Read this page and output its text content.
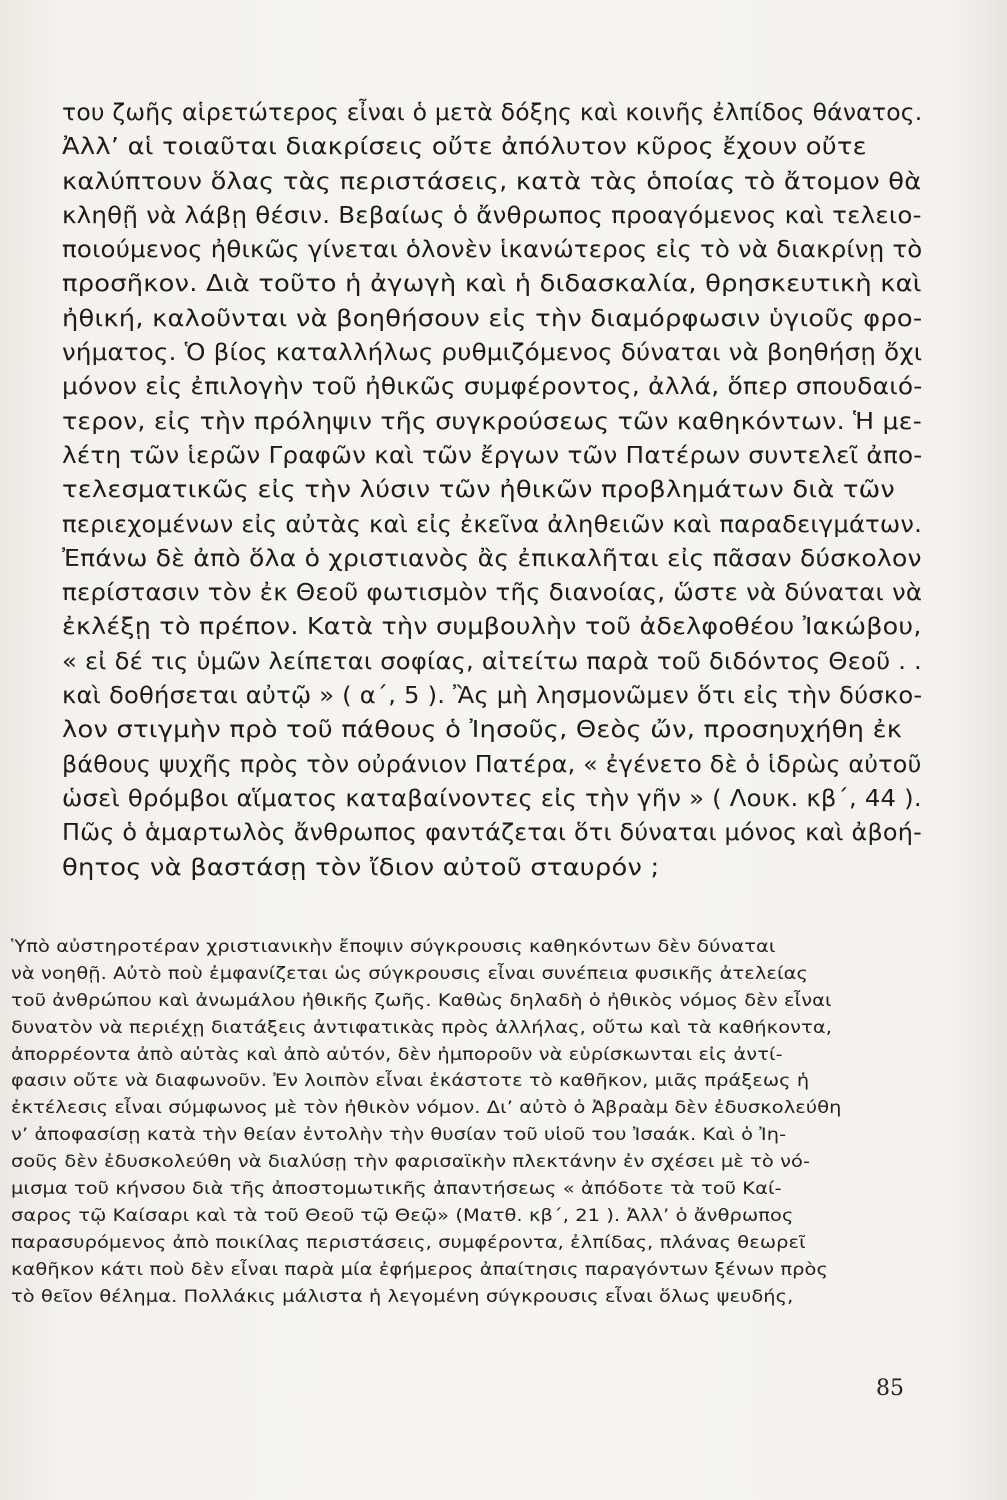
του ζωῆς αἱρετώτερος εἶναι ὁ μετὰ δόξης καὶ κοινῆς ἐλπίδος θάνατος.
Ἀλλ’ αἱ τοιαῦται διακρίσεις οὔτε ἀπόλυτον κῦρος ἔχουν οὔτε
καλύπτουν ὅλας τὰς περιστάσεις, κατὰ τὰς ὁποίας τὸ ἄτομον θὰ
κληθῇ νὰ λάβῃ θέσιν. Βεβαίως ὁ ἄνθρωπος προαγόμενος καὶ τελειο-
ποιούμενος ἠθικῶς γίνεται ὁλονὲν ἱκανώτερος εἰς τὸ νὰ διακρίνῃ τὸ
προσῆκον. Διὰ τοῦτο ἡ ἀγωγὴ καὶ ἡ διδασκαλία, θρησκευτικὴ καὶ
ἠθική, καλοῦνται νὰ βοηθήσουν εἰς τὴν διαμόρφωσιν ὑγιοῦς φρο-
νήματος. Ὁ βίος καταλλήλως ρυθμιζόμενος δύναται νὰ βοηθήσῃ ὄχι
μόνον εἰς ἐπιλογὴν τοῦ ἠθικῶς συμφέροντος, ἀλλά, ὅπερ σπουδαιό-
τερον, εἰς τὴν πρόληψιν τῆς συγκρούσεως τῶν καθηκόντων. Ἡ με-
λέτη τῶν ἱερῶν Γραφῶν καὶ τῶν ἔργων τῶν Πατέρων συντελεῖ ἀπο-
τελεσματικῶς εἰς τὴν λύσιν τῶν ἠθικῶν προβλημάτων διὰ τῶν
περιεχομένων εἰς αὐτὰς καὶ εἰς ἐκεῖνα ἀληθειῶν καὶ παραδειγμάτων.
Ἐπάνω δὲ ἀπὸ ὅλα ὁ χριστιανὸς ἂς ἐπικαλῆται εἰς πᾶσαν δύσκολον
περίστασιν τὸν ἐκ Θεοῦ φωτισμὸν τῆς διανοίας, ὥστε νὰ δύναται νὰ
ἐκλέξῃ τὸ πρέπον. Κατὰ τὴν συμβουλὴν τοῦ ἀδελφοθέου Ἰακώβου,
« εἰ δέ τις ὑμῶν λείπεται σοφίας, αἰτείτω παρὰ τοῦ διδόντος Θεοῦ . .
καὶ δοθήσεται αὐτῷ » ( α΄, 5 ). Ἂς μὴ λησμονῶμεν ὅτι εἰς τὴν δύσκο-
λον στιγμὴν πρὸ τοῦ πάθους ὁ Ἰησοῦς, Θεὸς ὤν, προσηυχήθη ἐκ
βάθους ψυχῆς πρὸς τὸν οὐράνιον Πατέρα, « ἐγένετο δὲ ὁ ἱδρὼς αὐτοῦ
ὡσεὶ θρόμβοι αἵματος καταβαίνοντες εἰς τὴν γῆν » ( Λουκ. κβ΄, 44 ).
Πῶς ὁ ἁμαρτωλὸς ἄνθρωπος φαντάζεται ὅτι δύναται μόνος καὶ ἀβοή-
θητος νὰ βαστάσῃ τὸν ἴδιον αὐτοῦ σταυρόν ;
Ὑπὸ αὐστηροτέραν χριστιανικὴν ἔποψιν σύγκρουσις καθηκόντων δὲν δύναται
νὰ νοηθῇ. Αὐτὸ ποὺ ἐμφανίζεται ὡς σύγκρουσις εἶναι συνέπεια φυσικῆς ἀτελείας
τοῦ ἀνθρώπου καὶ ἀνωμάλου ἠθικῆς ζωῆς. Καθὼς δηλαδὴ ὁ ἠθικὸς νόμος δὲν εἶναι
δυνατὸν νὰ περιέχῃ διατάξεις ἀντιφατικὰς πρὸς ἀλλήλας, οὔτω καὶ τὰ καθήκοντα,
ἀπορρέοντα ἀπὸ αὐτὰς καὶ ἀπὸ αὐτόν, δὲν ἠμποροῦν νὰ εὑρίσκωνται εἰς ἀντί-
φασιν οὔτε νὰ διαφωνοῦν. Ἐν λοιπὸν εἶναι ἑκάστοτε τὸ καθῆκον, μιᾶς πράξεως ἡ
ἐκτέλεσις εἶναι σύμφωνος μὲ τὸν ἠθικὸν νόμον. Δι’ αὐτὸ ὁ Ἀβραὰμ δὲν ἐδυσκολεύθη
ν’ ἀποφασίσῃ κατὰ τὴν θείαν ἐντολὴν τὴν θυσίαν τοῦ υἱοῦ του Ἰσαάκ. Καὶ ὁ Ἰη-
σοῦς δὲν ἐδυσκολεύθη νὰ διαλύσῃ τὴν φαρισαϊκὴν πλεκτάνην ἐν σχέσει μὲ τὸ νό-
μισμα τοῦ κήνσου διὰ τῆς ἀποστομωτικῆς ἀπαντήσεως « ἀπόδοτε τὰ τοῦ Καί-
σαρος τῷ Καίσαρι καὶ τὰ τοῦ Θεοῦ τῷ Θεῷ» (Ματθ. κβ΄, 21 ). Ἀλλ’ ὁ ἄνθρωπος
παρασυρόμενος ἀπὸ ποικίλας περιστάσεις, συμφέροντα, ἐλπίδας, πλάνας θεωρεῖ
καθῆκον κάτι ποὺ δὲν εἶναι παρὰ μία ἐφήμερος ἀπαίτησις παραγόντων ξένων πρὸς
τὸ θεῖον θέλημα. Πολλάκις μάλιστα ἡ λεγομένη σύγκρουσις εἶναι ὅλως ψευδής,
85
